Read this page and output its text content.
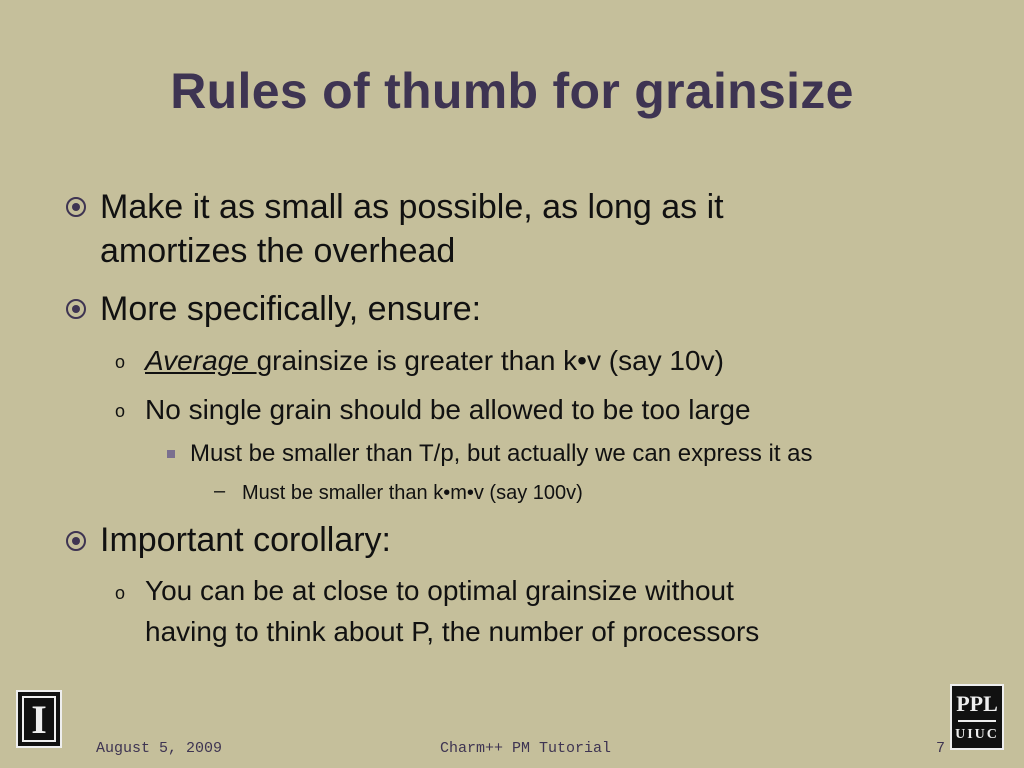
Rules of thumb for grainsize
Make it as small as possible, as long as it
amortizes the overhead
More specifically, ensure:
o Average grainsize is greater than k•v (say 10v)
o No single grain should be allowed to be too large
Must be smaller than T/p, but actually we can express it as
– Must be smaller than k•m•v (say 100v)
Important corollary:
o You can be at close to optimal grainsize without
having to think about P, the number of processors
I	PPL
UIUC
August 5, 2009	Charm++ PM Tutorial	7
